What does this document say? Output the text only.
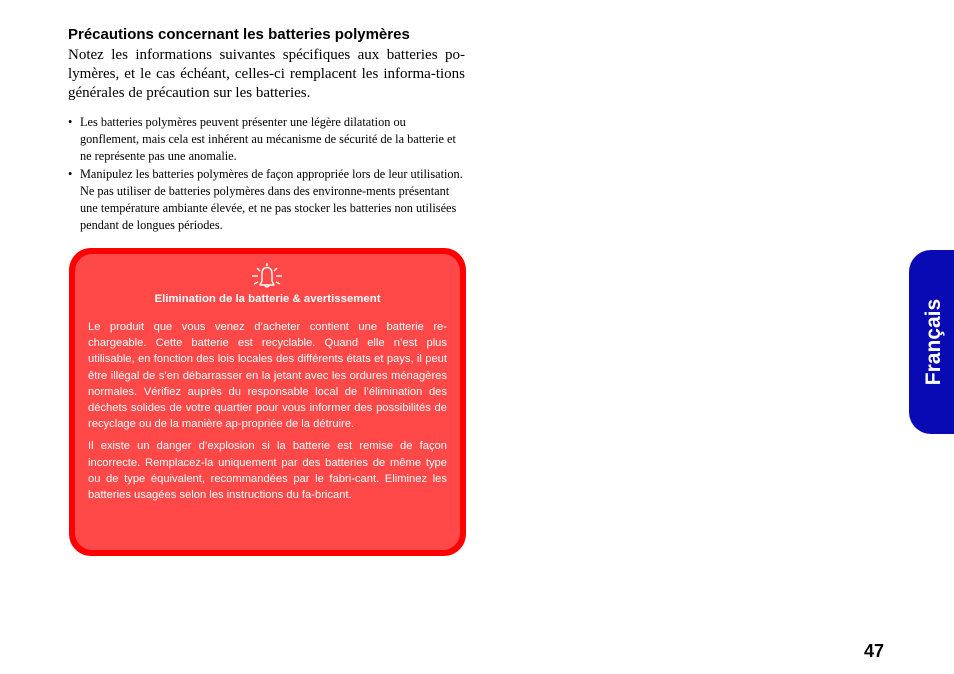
Précautions concernant les batteries polymères

Notez les informations suivantes spécifiques aux batteries po-lymères, et le cas échéant, celles-ci remplacent les informa-tions générales de précaution sur les batteries.

• Les batteries polymères peuvent présenter une légère dilatation ou gonflement, mais cela est inhérent au mécanisme de sécurité de la batterie et ne représente pas une anomalie.
• Manipulez les batteries polymères de façon appropriée lors de leur utilisation. Ne pas utiliser de batteries polymères dans des environne-ments présentant une température ambiante élevée, et ne pas stocker les batteries non utilisées pendant de longues périodes.

Elimination de la batterie & avertissement

Le produit que vous venez d’acheter contient une batterie re-chargeable. Cette batterie est recyclable. Quand elle n’est plus utilisable, en fonction des lois locales des différents états et pays, il peut être illégal de s’en débarrasser en la jetant avec les ordures ménagères normales. Vérifiez auprès du responsable local de l’élimination des déchets solides de votre quartier pour vous informer des possibilités de recyclage ou de la manière ap-propriée de la détruire.

Il existe un danger d’explosion si la batterie est remise de façon incorrecte. Remplacez-la uniquement par des batteries de même type ou de type équivalent, recommandées par le fabri-cant. Eliminez les batteries usagées selon les instructions du fa-bricant.

Français
47
